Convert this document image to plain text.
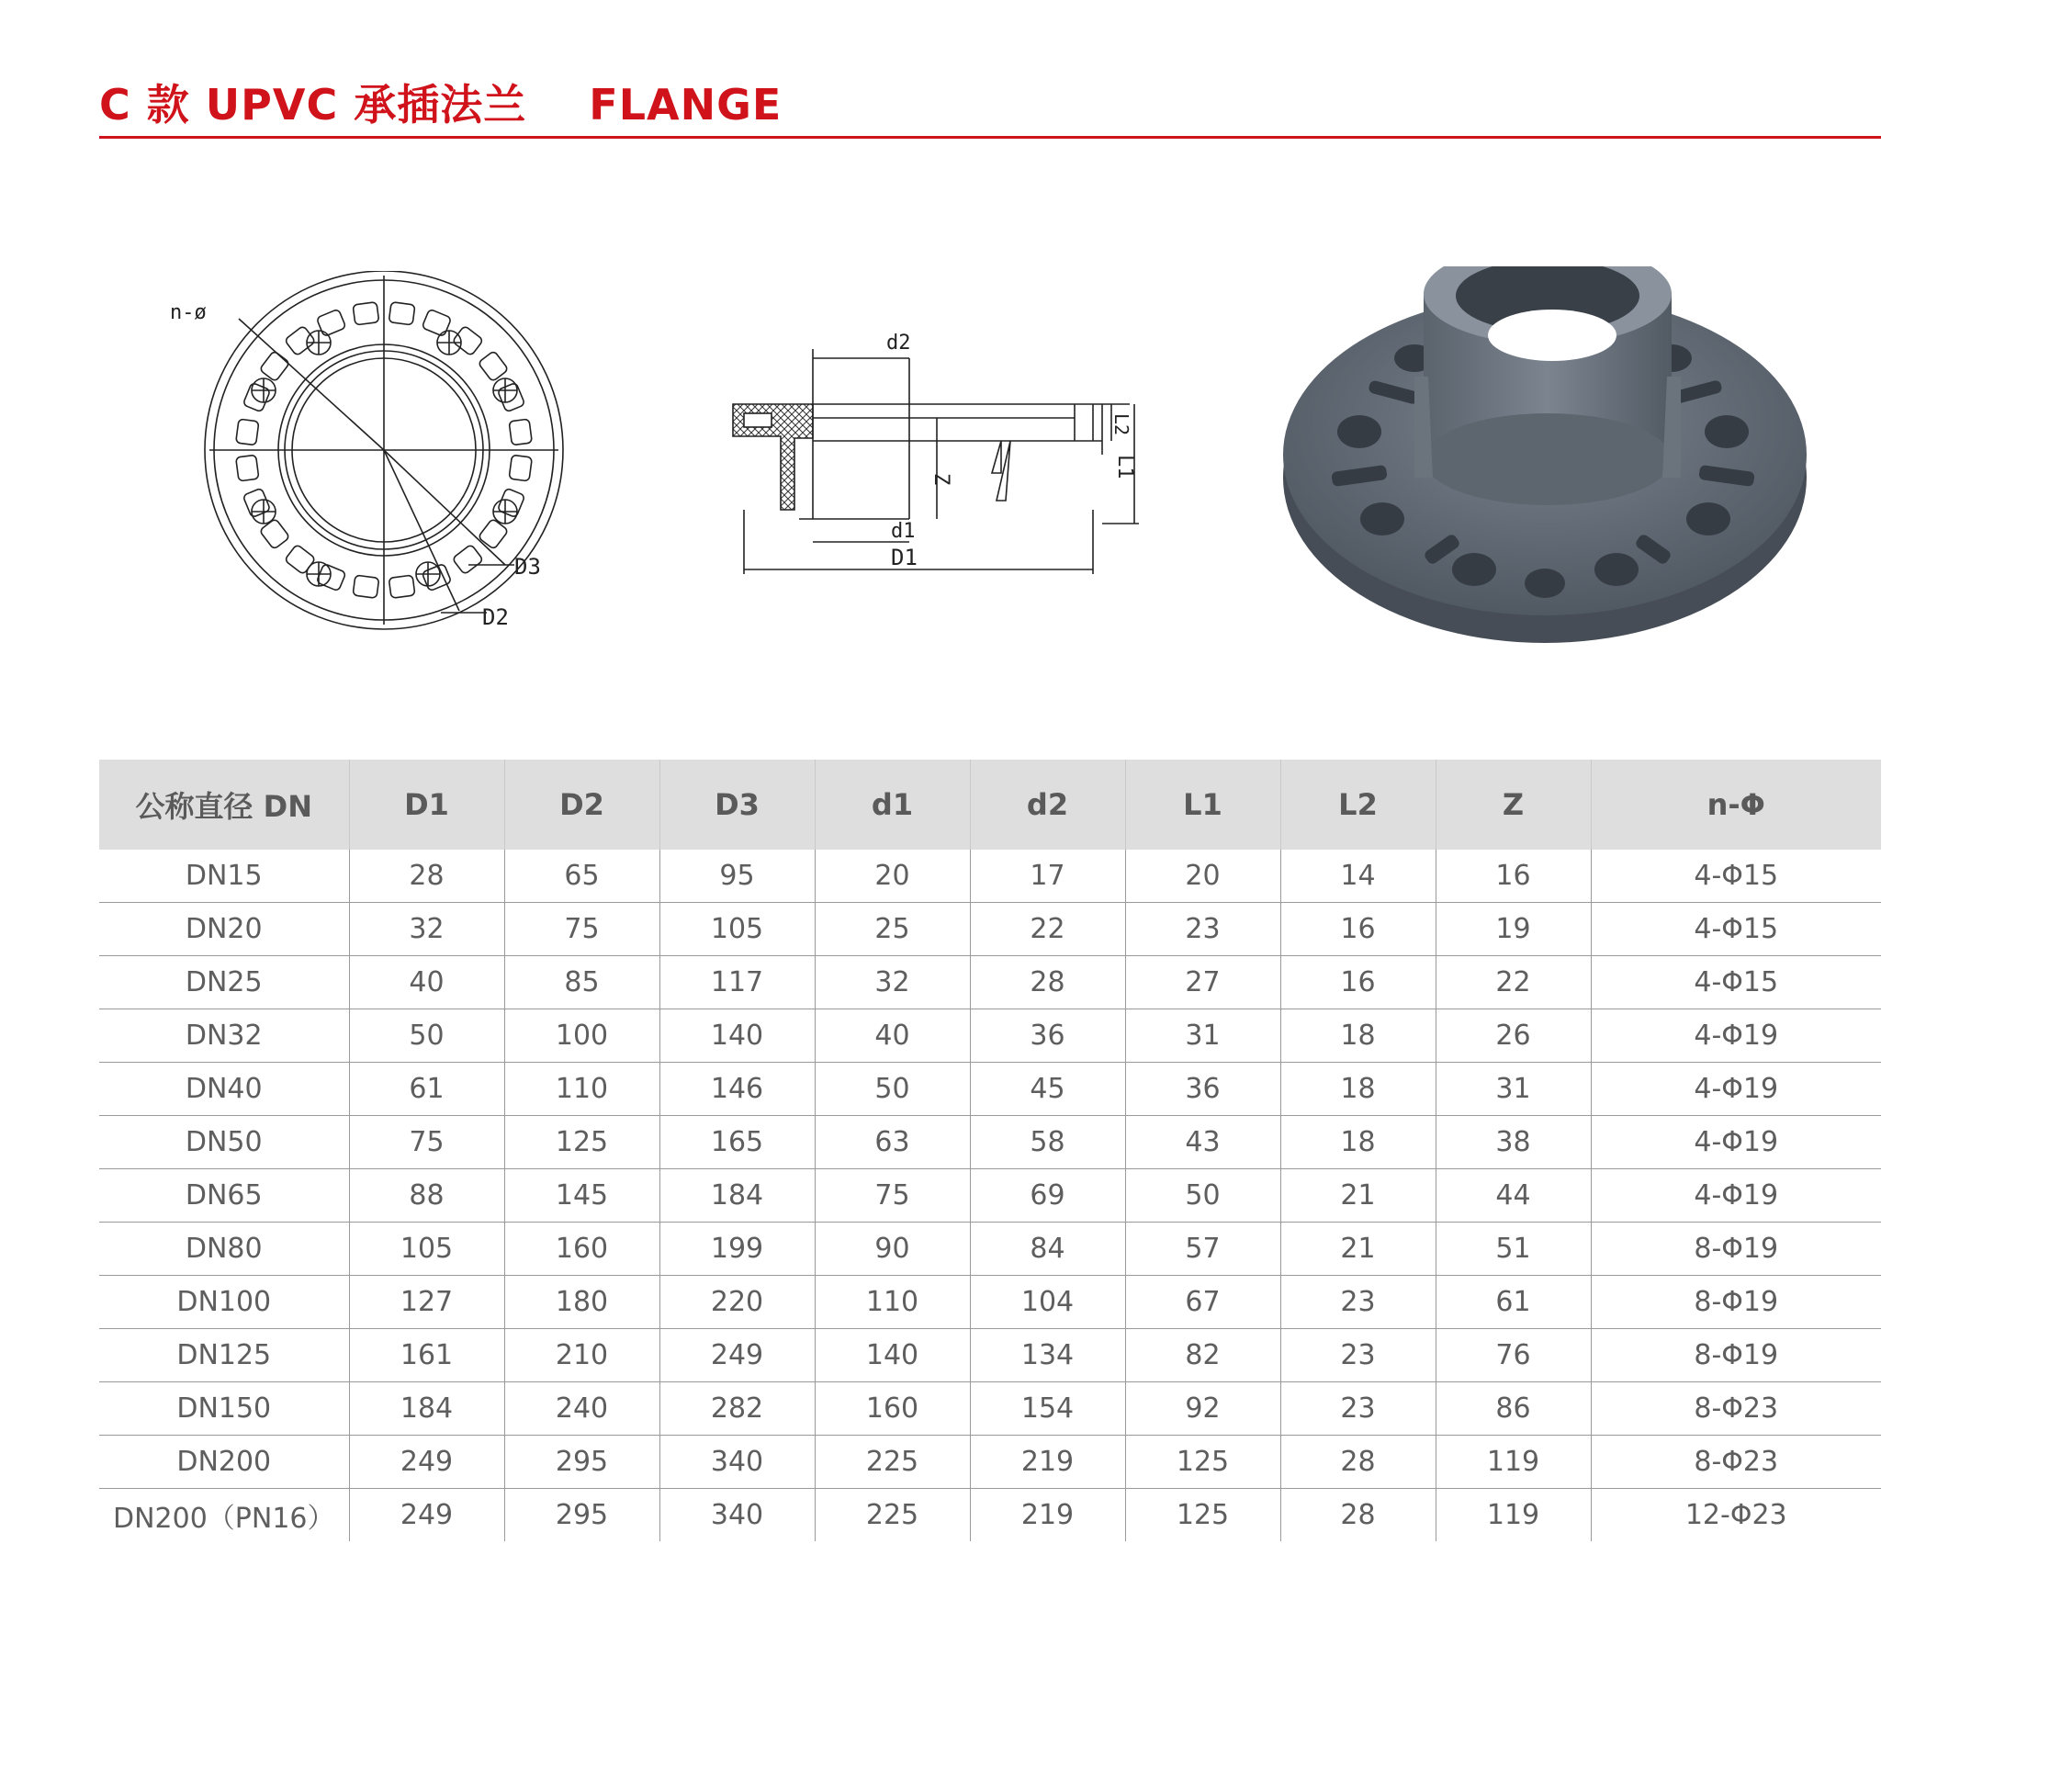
C 款 UPVC 承插法兰    FLANGE
n-ø
D3
D2
d2
d1
D1
Z
L2
L1
公称直径 DN	D1	D2	D3	d1	d2	L1	L2	Z	n-Φ
DN15	28	65	95	20	17	20	14	16	4-Φ15
DN20	32	75	105	25	22	23	16	19	4-Φ15
DN25	40	85	117	32	28	27	16	22	4-Φ15
DN32	50	100	140	40	36	31	18	26	4-Φ19
DN40	61	110	146	50	45	36	18	31	4-Φ19
DN50	75	125	165	63	58	43	18	38	4-Φ19
DN65	88	145	184	75	69	50	21	44	4-Φ19
DN80	105	160	199	90	84	57	21	51	8-Φ19
DN100	127	180	220	110	104	67	23	61	8-Φ19
DN125	161	210	249	140	134	82	23	76	8-Φ19
DN150	184	240	282	160	154	92	23	86	8-Φ23
DN200	249	295	340	225	219	125	28	119	8-Φ23
DN200（PN16）	249	295	340	225	219	125	28	119	12-Φ23
